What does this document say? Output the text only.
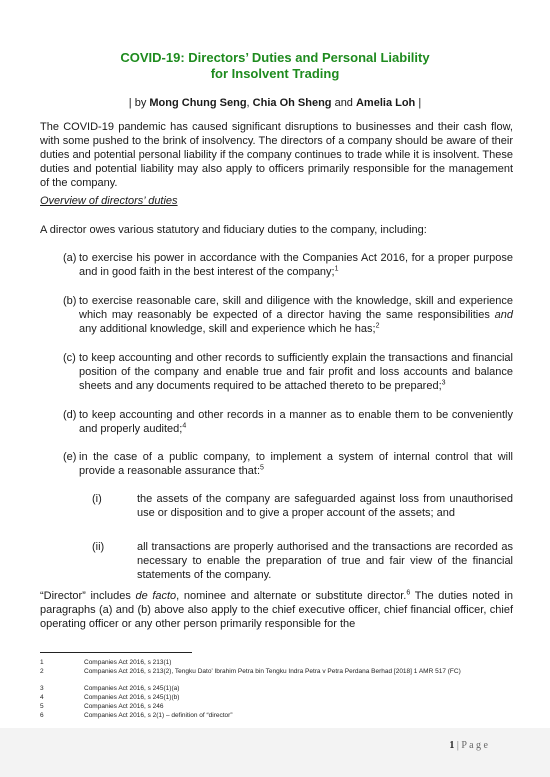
COVID-19: Directors’ Duties and Personal Liability
for Insolvent Trading
| by Mong Chung Seng, Chia Oh Sheng and Amelia Loh |

The COVID-19 pandemic has caused significant disruptions to businesses and their cash flow, with some pushed to the brink of insolvency. The directors of a company should be aware of their duties and potential personal liability if the company continues to trade while it is insolvent. These duties and potential liability may also apply to officers primarily responsible for the management of the company.

Overview of directors’ duties

A director owes various statutory and fiduciary duties to the company, including:

(a) to exercise his power in accordance with the Companies Act 2016, for a proper purpose and in good faith in the best interest of the company;$^1$

(b) to exercise reasonable care, skill and diligence with the knowledge, skill and experience which may reasonably be expected of a director having the same responsibilities and any additional knowledge, skill and experience which he has;$^2$

(c) to keep accounting and other records to sufficiently explain the transactions and financial position of the company and enable true and fair profit and loss accounts and balance sheets and any documents required to be attached thereto to be prepared;$^3$

(d) to keep accounting and other records in a manner as to enable them to be conveniently and properly audited;$^4$

(e) in the case of a public company, to implement a system of internal control that will provide a reasonable assurance that:$^5$

(i)	the assets of the company are safeguarded against loss from unauthorised use or disposition and to give a proper account of the assets; and

(ii)	all transactions are properly authorised and the transactions are recorded as necessary to enable the preparation of true and fair view of the financial statements of the company.

“Director” includes de facto, nominee and alternate or substitute director.$^6$ The duties noted in paragraphs (a) and (b) above also apply to the chief executive officer, chief financial officer, chief operating officer or any other person primarily responsible for the

1	Companies Act 2016, s 213(1)
2	Companies Act 2016, s 213(2), Tengku Dato’ Ibrahim Petra bin Tengku Indra Petra v Petra Perdana Berhad [2018] 1 AMR 517 (FC)
3	Companies Act 2016, s 245(1)(a)
4	Companies Act 2016, s 245(1)(b)
5	Companies Act 2016, s 246
6	Companies Act 2016, s 2(1) – definition of “director”
1 | P a g e
